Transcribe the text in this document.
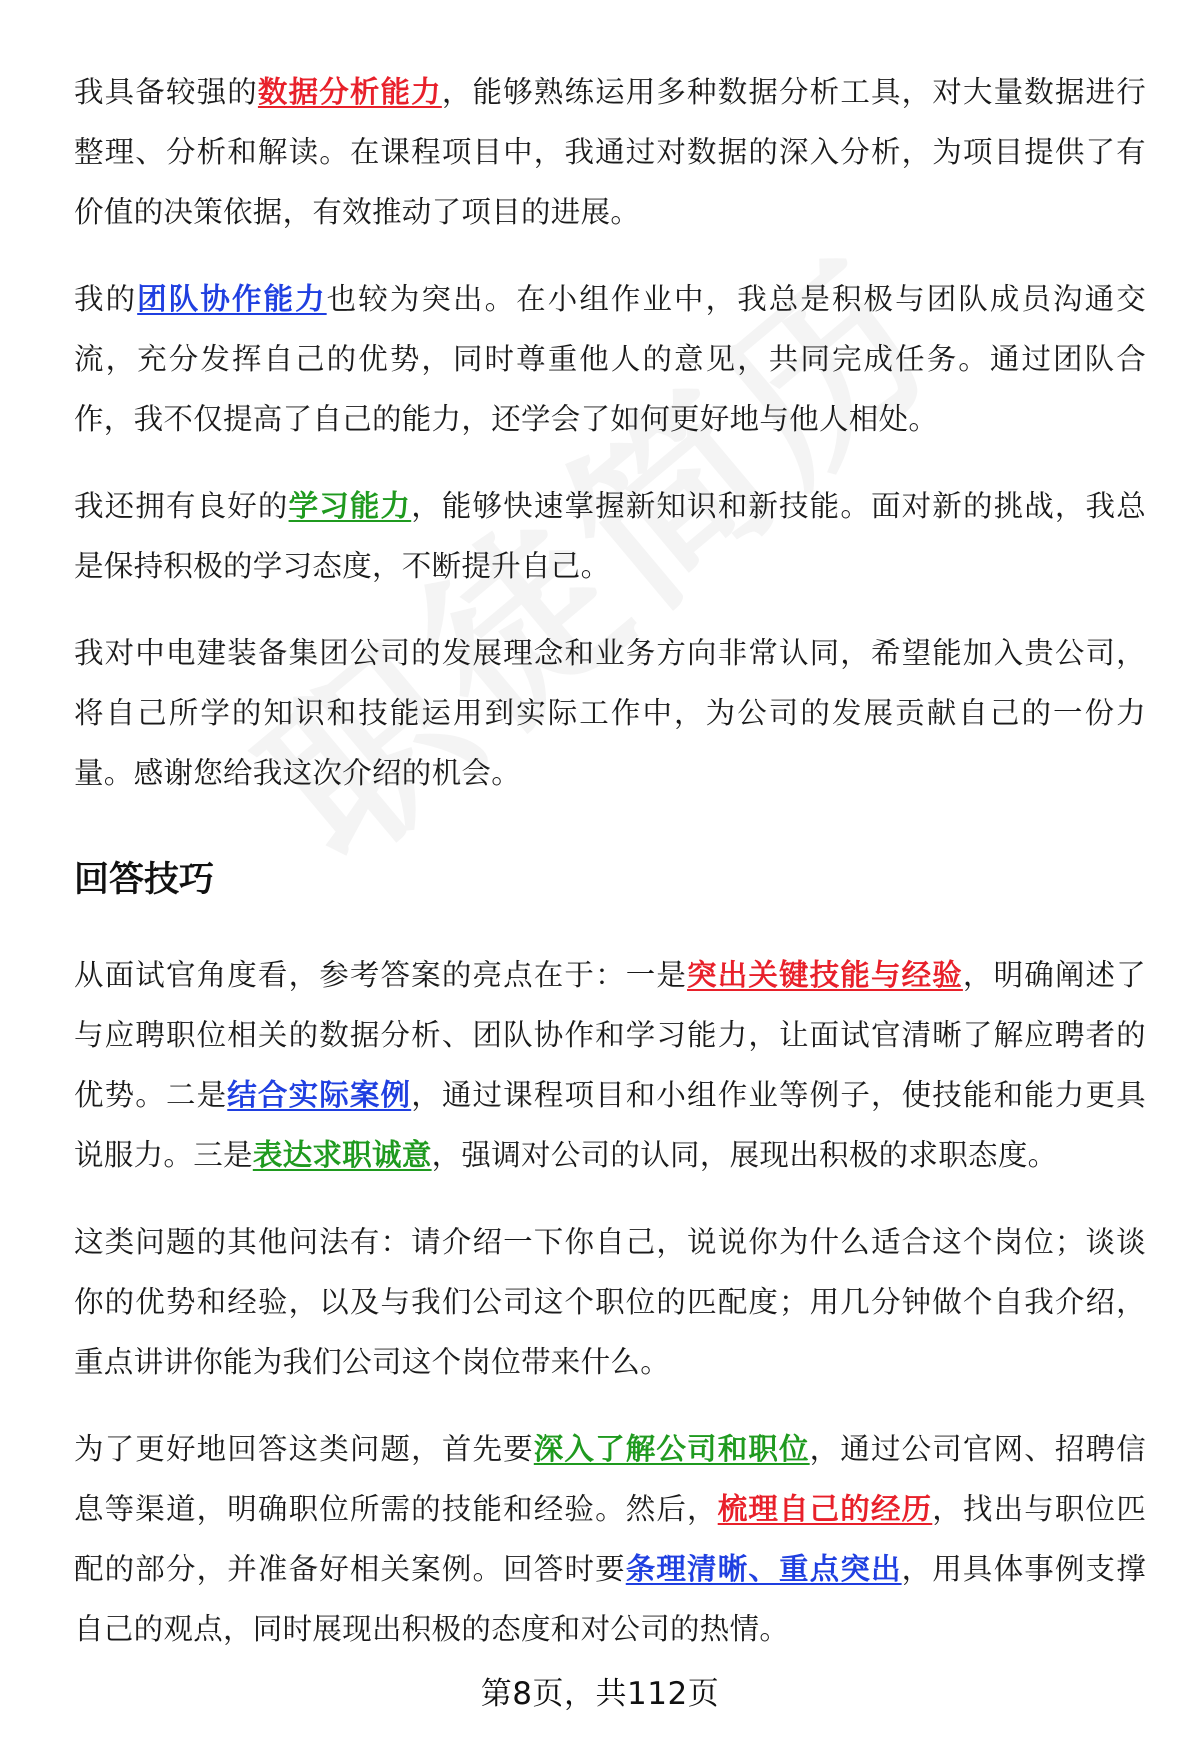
我具备较强的数据分析能力，能够熟练运用多种数据分析工具，对大量数据进行整理、分析和解读。在课程项目中，我通过对数据的深入分析，为项目提供了有价值的决策依据，有效推动了项目的进展。

我的团队协作能力也较为突出。在小组作业中，我总是积极与团队成员沟通交流，充分发挥自己的优势，同时尊重他人的意见，共同完成任务。通过团队合作，我不仅提高了自己的能力，还学会了如何更好地与他人相处。

我还拥有良好的学习能力，能够快速掌握新知识和新技能。面对新的挑战，我总是保持积极的学习态度，不断提升自己。

我对中电建装备集团公司的发展理念和业务方向非常认同，希望能加入贵公司，将自己所学的知识和技能运用到实际工作中，为公司的发展贡献自己的一份力量。感谢您给我这次介绍的机会。

回答技巧

从面试官角度看，参考答案的亮点在于：一是突出关键技能与经验，明确阐述了与应聘职位相关的数据分析、团队协作和学习能力，让面试官清晰了解应聘者的优势。二是结合实际案例，通过课程项目和小组作业等例子，使技能和能力更具说服力。三是表达求职诚意，强调对公司的认同，展现出积极的求职态度。

这类问题的其他问法有：请介绍一下你自己，说说你为什么适合这个岗位；谈谈你的优势和经验，以及与我们公司这个职位的匹配度；用几分钟做个自我介绍，重点讲讲你能为我们公司这个岗位带来什么。

为了更好地回答这类问题，首先要深入了解公司和职位，通过公司官网、招聘信息等渠道，明确职位所需的技能和经验。然后，梳理自己的经历，找出与职位匹配的部分，并准备好相关案例。回答时要条理清晰、重点突出，用具体事例支撑自己的观点，同时展现出积极的态度和对公司的热情。

第8页，共112页
